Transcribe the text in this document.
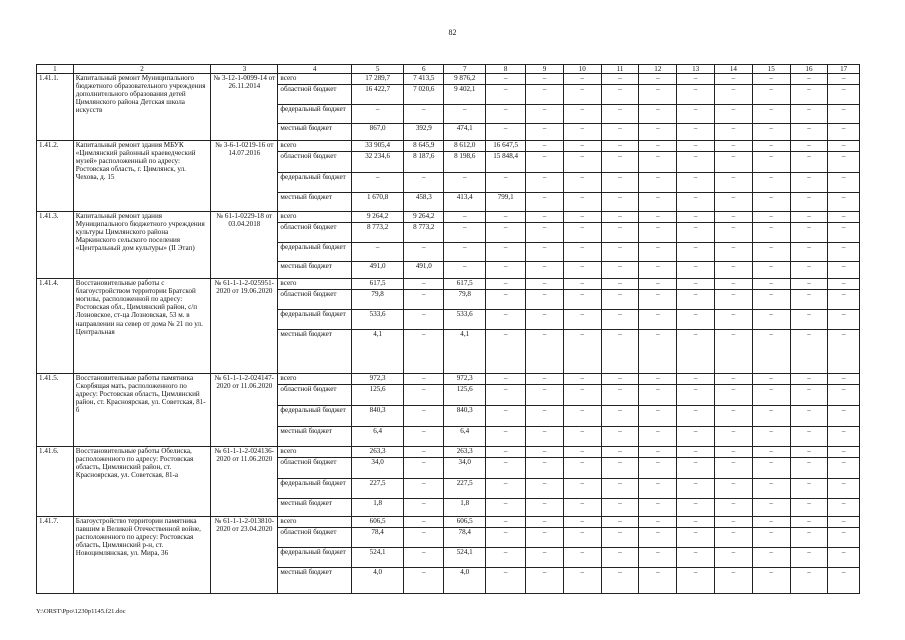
82
1	2	3	4	5	6	7	8	9	10	11	12	13	14	15	16	17
1.41.1.	Капитальный ремонт Муниципального бюджетного образовательного учреждения дополнительного образования детей Цимлянского района Детская школа искусств	№ 3-12-1-0099-14 от 26.11.2014	всего	17 289,7	7 413,5	9 876,2	–	–	–	–	–	–	–	–	–	–
			областной бюджет	16 422,7	7 020,6	9 402,1	–	–	–	–	–	–	–	–	–	–
			федеральный бюджет	–	–	–	–	–	–	–	–	–	–	–	–	–
			местный бюджет	867,0	392,9	474,1	–	–	–	–	–	–	–	–	–	–
1.41.2.	Капитальный ремонт здания МБУК «Цимлянский районный краеведческий музей» расположенный по адресу: Ростовская область, г. Цимлянск, ул. Чехова, д. 15	№ 3-6-1-0219-16 от 14.07.2016	всего	33 905,4	8 645,9	8 612,0	16 647,5	–	–	–	–	–	–	–	–	–
			областной бюджет	32 234,6	8 187,6	8 198,6	15 848,4	–	–	–	–	–	–	–	–	–
			федеральный бюджет	–	–	–	–	–	–	–	–	–	–	–	–	–
			местный бюджет	1 670,8	458,3	413,4	799,1	–	–	–	–	–	–	–	–	–
1.41.3.	Капитальный ремонт здания Муниципального бюджетного учреждения культуры Цимлянского района Маркинского сельского поселения «Центральный дом культуры» (II Этап)	№ 61-1-0229-18 от 03.04.2018	всего	9 264,2	9 264,2	–	–	–	–	–	–	–	–	–	–	–
			областной бюджет	8 773,2	8 773,2	–	–	–	–	–	–	–	–	–	–	–
			федеральный бюджет	–	–	–	–	–	–	–	–	–	–	–	–	–
			местный бюджет	491,0	491,0	–	–	–	–	–	–	–	–	–	–	–
1.41.4.	Восстановительные работы с благоустройством территории Братской могилы, расположенной по адресу: Ростовская обл., Цимлянский район, с/п Лозновское, ст-ца Лозновская, 53 м. в направлении на север от дома № 21 по ул. Центральная	№ 61-1-1-2-025951-2020 от 19.06.2020	всего	617,5	–	617,5	–	–	–	–	–	–	–	–	–	–
			областной бюджет	79,8	–	79,8	–	–	–	–	–	–	–	–	–	–
			федеральный бюджет	533,6	–	533,6	–	–	–	–	–	–	–	–	–	–
			местный бюджет	4,1	–	4,1	–	–	–	–	–	–	–	–	–	–
1.41.5.	Восстановительные работы памятника Скорбящая мать, расположенного по адресу: Ростовская область, Цимлянский район, ст. Красноярская, ул. Советская, 81-б	№ 61-1-1-2-024147-2020 от 11.06.2020	всего	972,3	–	972,3	–	–	–	–	–	–	–	–	–	–
			областной бюджет	125,6	–	125,6	–	–	–	–	–	–	–	–	–	–
			федеральный бюджет	840,3	–	840,3	–	–	–	–	–	–	–	–	–	–
			местный бюджет	6,4	–	6,4	–	–	–	–	–	–	–	–	–	–
1.41.6.	Восстановительные работы Обелиска, расположенного по адресу: Ростовская область, Цимлянский район, ст. Красноярская, ул. Советская, 81-а	№ 61-1-1-2-024136-2020 от 11.06.2020	всего	263,3	–	263,3	–	–	–	–	–	–	–	–	–	–
			областной бюджет	34,0	–	34,0	–	–	–	–	–	–	–	–	–	–
			федеральный бюджет	227,5	–	227,5	–	–	–	–	–	–	–	–	–	–
			местный бюджет	1,8	–	1,8	–	–	–	–	–	–	–	–	–	–
1.41.7.	Благоустройство территории памятника павшим в Великой Отечественной войне, расположенного по адресу: Ростовская область, Цимлянский р-н, ст. Новоцимлянская, ул. Мира, 36	№ 61-1-1-2-013810-2020 от 23.04.2020	всего	606,5	–	606,5	–	–	–	–	–	–	–	–	–	–
			областной бюджет	78,4	–	78,4	–	–	–	–	–	–	–	–	–	–
			федеральный бюджет	524,1	–	524,1	–	–	–	–	–	–	–	–	–	–
			местный бюджет	4,0	–	4,0	–	–	–	–	–	–	–	–	–	–
Y:\ORST\Ppo\1230p1145.f21.doc
